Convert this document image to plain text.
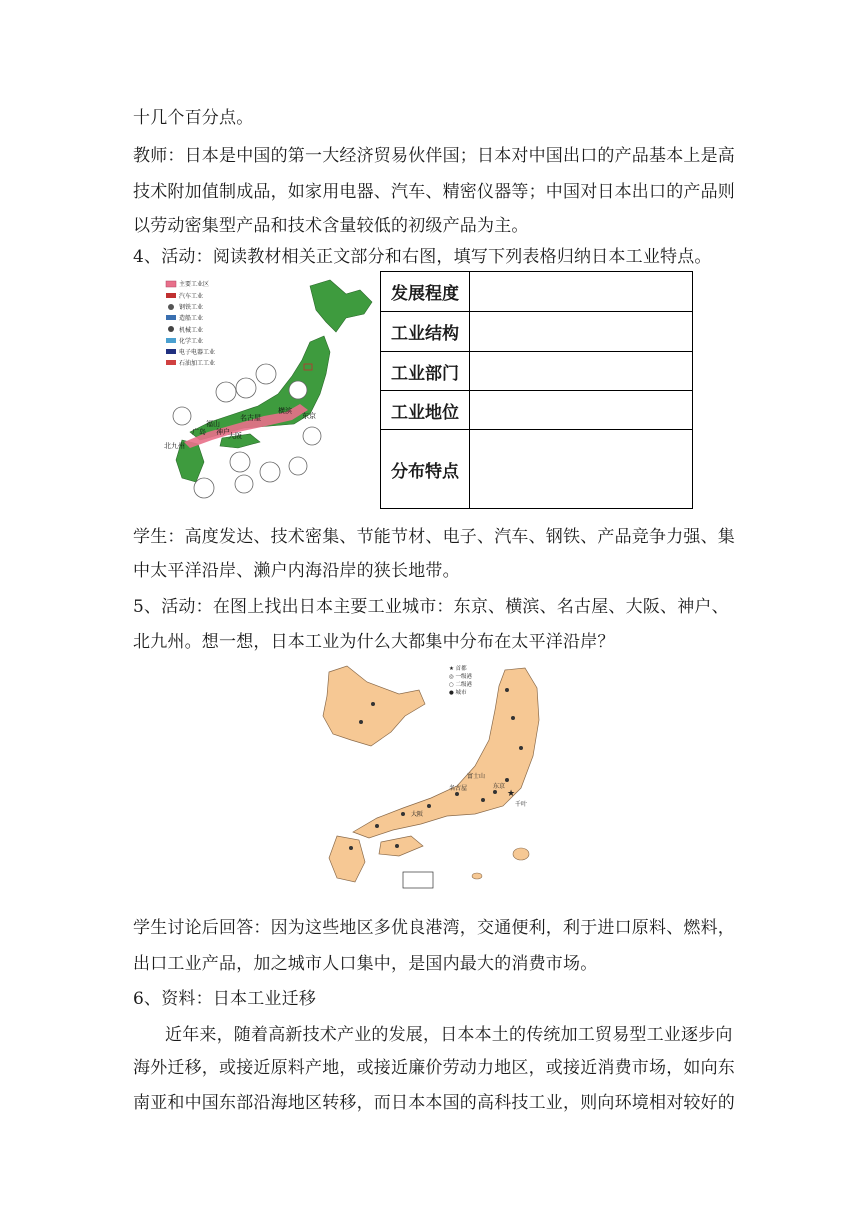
十几个百分点。
教师：日本是中国的第一大经济贸易伙伴国；日本对中国出口的产品基本上是高
技术附加值制成品，如家用电器、汽车、精密仪器等；中国对日本出口的产品则
以劳动密集型产品和技术含量较低的初级产品为主。
4、活动：阅读教材相关正文部分和右图，填写下列表格归纳日本工业特点。
主要工业区
汽车工业
钢铁工业
造船工业
机械工业
化学工业
电子电器工业
石油加工工业
东京
横滨
名古屋
大阪
神户
北九州
福山
广岛
发展程度
工业结构
工业部门
工业地位
分布特点
学生：高度发达、技术密集、节能节材、电子、汽车、钢铁、产品竞争力强、集
中太平洋沿岸、濑户内海沿岸的狭长地带。
5、活动：在图上找出日本主要工业城市：东京、横滨、名古屋、大阪、神户、
北九州。想一想，日本工业为什么大都集中分布在太平洋沿岸？
★ 首都
◎ 一级港
○ 二级港
● 城市
★
东京
名古屋
大阪
千叶
富士山
学生讨论后回答：因为这些地区多优良港湾，交通便利，利于进口原料、燃料，
出口工业产品，加之城市人口集中，是国内最大的消费市场。
6、资料：日本工业迁移
近年来，随着高新技术产业的发展，日本本土的传统加工贸易型工业逐步向
海外迁移，或接近原料产地，或接近廉价劳动力地区，或接近消费市场，如向东
南亚和中国东部沿海地区转移，而日本本国的高科技工业，则向环境相对较好的
